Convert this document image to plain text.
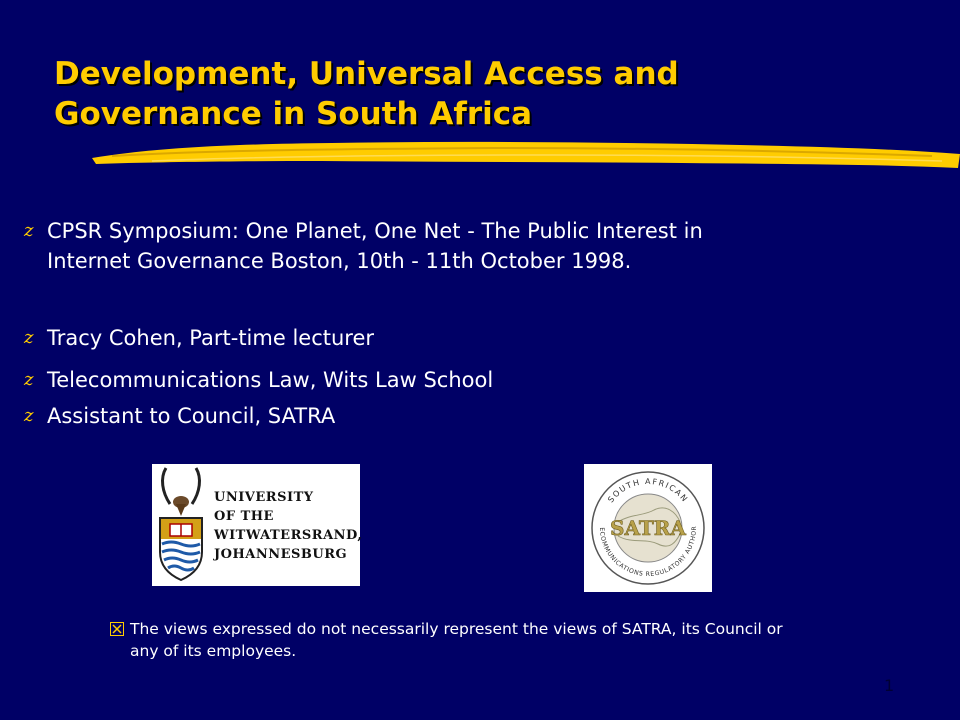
Development, Universal Access and
Governance in South Africa
z CPSR Symposium: One Planet, One Net - The Public Interest in
Internet Governance Boston, 10th - 11th October 1998.
z Tracy Cohen, Part-time lecturer
z Telecommunications Law, Wits Law School
z Assistant to Council, SATRA
UNIVERSITY
OF THE
WITWATERSRAND,
JOHANNESBURG
SOUTH AFRICAN
ECOMMUNICATIONS REGULATORY AUTHOR
SATRA
The views expressed do not necessarily represent the views of SATRA, its Council or
any of its employees.
1
